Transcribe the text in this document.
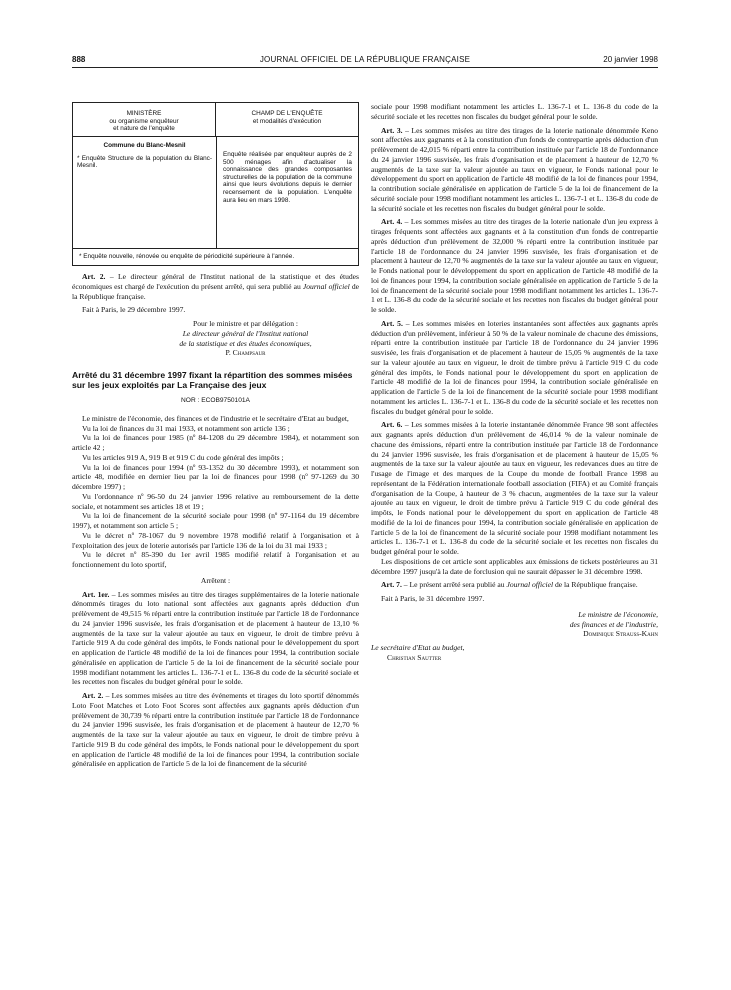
888	JOURNAL OFFICIEL DE LA RÉPUBLIQUE FRANÇAISE	20 janvier 1998
MINISTÈRE
ou organisme enquêteur
et nature de l'enquête
CHAMP DE L'ENQUÊTE
et modalités d'exécution
Commune du Blanc-Mesnil
* Enquête Structure de la population du Blanc-Mesnil.
Enquête réalisée par enquêteur auprès de 2 500 ménages afin d'actualiser la connaissance des grandes composantes structurelles de la population de la commune ainsi que leurs évolutions depuis le dernier recensement de la population. L'enquête aura lieu en mars 1998.
* Enquête nouvelle, rénovée ou enquête de périodicité supérieure à l'année.

Art. 2. – Le directeur général de l'Institut national de la statistique et des études économiques est chargé de l'exécution du présent arrêté, qui sera publié au Journal officiel de la République française.

Fait à Paris, le 29 décembre 1997.

Pour le ministre et par délégation :
Le directeur général de l'Institut national
de la statistique et des études économiques,
P. Champsaur
Arrêté du 31 décembre 1997 fixant la répartition des sommes misées sur les jeux exploités par La Française des jeux
NOR : ECOB9750101A

Le ministre de l'économie, des finances et de l'industrie et le secrétaire d'Etat au budget,

Vu la loi de finances du 31 mai 1933, et notamment son article 136 ;

Vu la loi de finances pour 1985 (nº 84-1208 du 29 décembre 1984), et notamment son article 42 ;

Vu les articles 919 A, 919 B et 919 C du code général des impôts ;

Vu la loi de finances pour 1994 (nº 93-1352 du 30 décembre 1993), et notamment son article 48, modifiée en dernier lieu par la loi de finances pour 1998 (nº 97-1269 du 30 décembre 1997) ;

Vu l'ordonnance nº 96-50 du 24 janvier 1996 relative au remboursement de la dette sociale, et notamment ses articles 18 et 19 ;

Vu la loi de financement de la sécurité sociale pour 1998 (nº 97-1164 du 19 décembre 1997), et notamment son article 5 ;

Vu le décret nº 78-1067 du 9 novembre 1978 modifié relatif à l'organisation et à l'exploitation des jeux de loterie autorisés par l'article 136 de la loi du 31 mai 1933 ;

Vu le décret nº 85-390 du 1er avril 1985 modifié relatif à l'organisation et au fonctionnement du loto sportif,

Arrêtent :

Art. 1er. – Les sommes misées au titre des tirages supplémentaires de la loterie nationale dénommés tirages du loto national sont affectées aux gagnants après déduction d'un prélèvement de 49,515 % réparti entre la contribution instituée par l'article 18 de l'ordonnance du 24 janvier 1996 susvisée, les frais d'organisation et de placement à hauteur de 13,10 % augmentés de la taxe sur la valeur ajoutée au taux en vigueur, le droit de timbre prévu à l'article 919 A du code général des impôts, le Fonds national pour le développement du sport en application de l'article 48 modifié de la loi de finances pour 1994, la contribution sociale généralisée en application de l'article 5 de la loi de financement de la sécurité sociale pour 1998 modifiant notamment les articles L. 136-7-1 et L. 136-8 du code de la sécurité sociale et les recettes non fiscales du budget général pour le solde.

Art. 2. – Les sommes misées au titre des événements et tirages du loto sportif dénommés Loto Foot Matches et Loto Foot Scores sont affectées aux gagnants après déduction d'un prélèvement de 30,739 % réparti entre la contribution instituée par l'article 18 de l'ordonnance du 24 janvier 1996 susvisée, les frais d'organisation et de placement à hauteur de 12,70 % augmentés de la taxe sur la valeur ajoutée au taux en vigueur, le droit de timbre prévu à l'article 919 B du code général des impôts, le Fonds national pour le développement du sport en application de l'article 48 modifié de la loi de finances pour 1994, la contribution sociale généralisée en application de l'article 5 de la loi de financement de la sécurité

sociale pour 1998 modifiant notamment les articles L. 136-7-1 et L. 136-8 du code de la sécurité sociale et les recettes non fiscales du budget général pour le solde.

Art. 3. – Les sommes misées au titre des tirages de la loterie nationale dénommée Keno sont affectées aux gagnants et à la constitution d'un fonds de contrepartie après déduction d'un prélèvement de 42,015 % réparti entre la contribution instituée par l'article 18 de l'ordonnance du 24 janvier 1996 susvisée, les frais d'organisation et de placement à hauteur de 12,70 % augmentés de la taxe sur la valeur ajoutée au taux en vigueur, le Fonds national pour le développement du sport en application de l'article 48 modifié de la loi de finances pour 1994, la contribution sociale généralisée en application de l'article 5 de la loi de financement de la sécurité sociale pour 1998 modifiant notamment les articles L. 136-7-1 et L. 136-8 du code de la sécurité sociale et les recettes non fiscales du budget général pour le solde.

Art. 4. – Les sommes misées au titre des tirages de la loterie nationale d'un jeu express à tirages fréquents sont affectées aux gagnants et à la constitution d'un fonds de contrepartie après déduction d'un prélèvement de 32,000 % réparti entre la contribution instituée par l'article 18 de l'ordonnance du 24 janvier 1996 susvisée, les frais d'organisation et de placement à hauteur de 12,70 % augmentés de la taxe sur la valeur ajoutée au taux en vigueur, le Fonds national pour le développement du sport en application de l'article 48 modifié de la loi de finances pour 1994, la contribution sociale généralisée en application de l'article 5 de la loi de financement de la sécurité sociale pour 1998 modifiant notamment les articles L. 136-7-1 et L. 136-8 du code de la sécurité sociale et les recettes non fiscales du budget général pour le solde.

Art. 5. – Les sommes misées en loteries instantanées sont affectées aux gagnants après déduction d'un prélèvement, inférieur à 50 % de la valeur nominale de chacune des émissions, réparti entre la contribution instituée par l'article 18 de l'ordonnance du 24 janvier 1996 susvisée, les frais d'organisation et de placement à hauteur de 15,05 % augmentés de la taxe sur la valeur ajoutée au taux en vigueur, le droit de timbre prévu à l'article 919 C du code général des impôts, le Fonds national pour le développement du sport en application de l'article 48 modifié de la loi de finances pour 1994, la contribution sociale généralisée en application de l'article 5 de la loi de financement de la sécurité sociale pour 1998 modifiant notamment les articles L. 136-7-1 et L. 136-8 du code de la sécurité sociale et les recettes non fiscales du budget général pour le solde.

Art. 6. – Les sommes misées à la loterie instantanée dénommée France 98 sont affectées aux gagnants après déduction d'un prélèvement de 46,014 % de la valeur nominale de chacune des émissions, réparti entre la contribution instituée par l'article 18 de l'ordonnance du 24 janvier 1996 susvisée, les frais d'organisation et de placement à hauteur de 15,05 % augmentés de la taxe sur la valeur ajoutée au taux en vigueur, les redevances dues au titre de l'usage de l'image et des marques de la Coupe du monde de football France 1998 au représentant de la Fédération internationale football association (FIFA) et au Comité français d'organisation de la Coupe, à hauteur de 3 % chacun, augmentées de la taxe sur la valeur ajoutée au taux en vigueur, le droit de timbre prévu à l'article 919 C du code général des impôts, le Fonds national pour le développement du sport en application de l'article 48 modifié de la loi de finances pour 1994, la contribution sociale généralisée en application de l'article 5 de la loi de financement de la sécurité sociale pour 1998 modifiant notamment les articles L. 136-7-1 et L. 136-8 du code de la sécurité sociale et les recettes non fiscales du budget général pour le solde.

Les dispositions de cet article sont applicables aux émissions de tickets postérieures au 31 décembre 1997 jusqu'à la date de forclusion qui ne saurait dépasser le 31 décembre 1998.

Art. 7. – Le présent arrêté sera publié au Journal officiel de la République française.

Fait à Paris, le 31 décembre 1997.

Le ministre de l'économie,
des finances et de l'industrie,
Dominique Strauss-Kahn
Le secrétaire d'Etat au budget,
Christian Sautter
